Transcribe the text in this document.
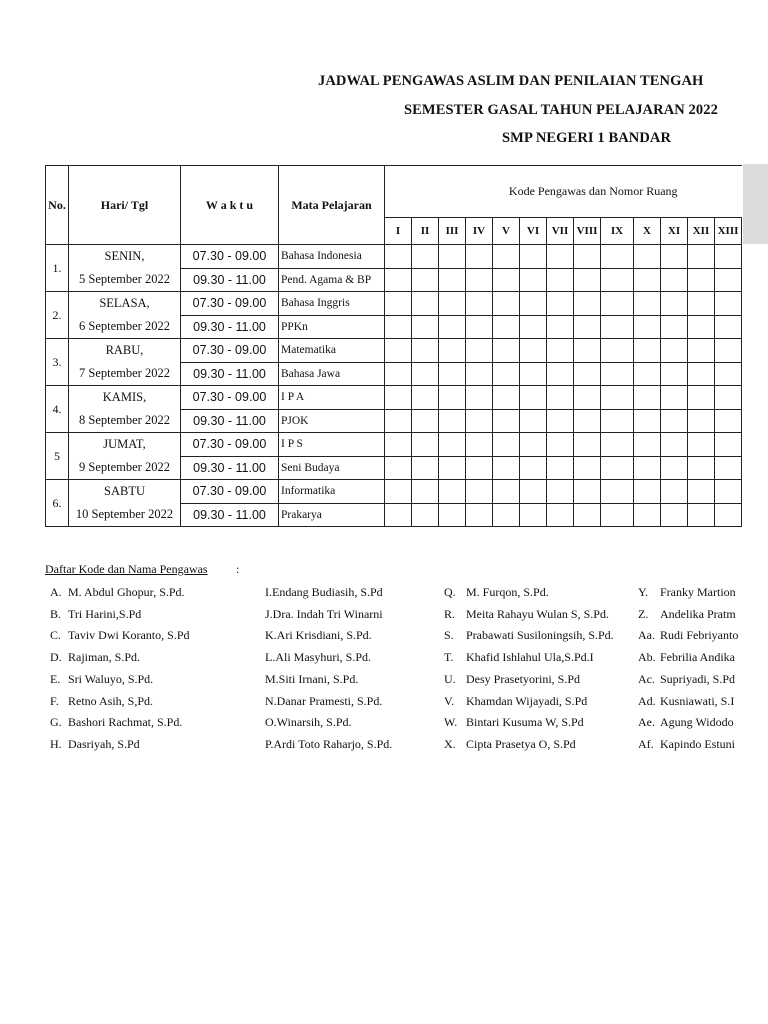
JADWAL PENGAWAS ASLIM DAN PENILAIAN TENGAH
SEMESTER GASAL TAHUN PELAJARAN 2022
SMP NEGERI 1 BANDAR
No.	Hari/ Tgl	W a k t u	Mata Pelajaran	Kode Pengawas dan Nomor Ruang												
				I	II	III	IV	V	VI	VII	VIII	IX	X	XI	XII	XIII
1.	SENIN,	07.30 - 09.00	Bahasa Indonesia													
	5 September 2022	09.30 - 11.00	Pend. Agama & BP													
2.	SELASA,	07.30 - 09.00	Bahasa Inggris													
	6 September 2022	09.30 - 11.00	PPKn													
3.	RABU,	07.30 - 09.00	Matematika													
	7 September 2022	09.30 - 11.00	Bahasa Jawa													
4.	KAMIS,	07.30 - 09.00	I P A													
	8 September 2022	09.30 - 11.00	PJOK													
5	JUMAT,	07.30 - 09.00	I P S													
	9 September 2022	09.30 - 11.00	Seni Budaya													
6.	SABTU	07.30 - 09.00	Informatika													
	10 September 2022	09.30 - 11.00	Prakarya													
Daftar Kode dan Nama Pengawas :
A. M. Abdul Ghopur, S.Pd.
B. Tri Harini,S.Pd
C. Taviv Dwi Koranto, S.Pd
D. Rajiman, S.Pd.
E. Sri Waluyo, S.Pd.
F. Retno Asih, S,Pd.
G. Bashori Rachmat, S.Pd.
H. Dasriyah, S.Pd
I.Endang Budiasih, S.Pd
J.Dra. Indah Tri Winarni
K.Ari Krisdiani, S.Pd.
L.Ali Masyhuri, S.Pd.
M.Siti Irnani, S.Pd.
N.Danar Pramesti, S.Pd.
O.Winarsih, S.Pd.
P.Ardi Toto Raharjo, S.Pd.
Q. M. Furqon, S.Pd.
R. Meita Rahayu Wulan S, S.Pd.
S. Prabawati Susiloningsih, S.Pd.
T. Khafid Ishlahul Ula,S.Pd.I
U. Desy Prasetyorini, S.Pd
V. Khamdan Wijayadi, S.Pd
W. Bintari Kusuma W, S.Pd
X. Cipta Prasetya O, S.Pd
Y. Franky Martion
Z. Andelika Pratm
Aa. Rudi Febriyanto
Ab. Febrilia Andika
Ac. Supriyadi, S.Pd
Ad. Kusniawati, S.I
Ae. Agung Widodo
Af. Kapindo Estuni
